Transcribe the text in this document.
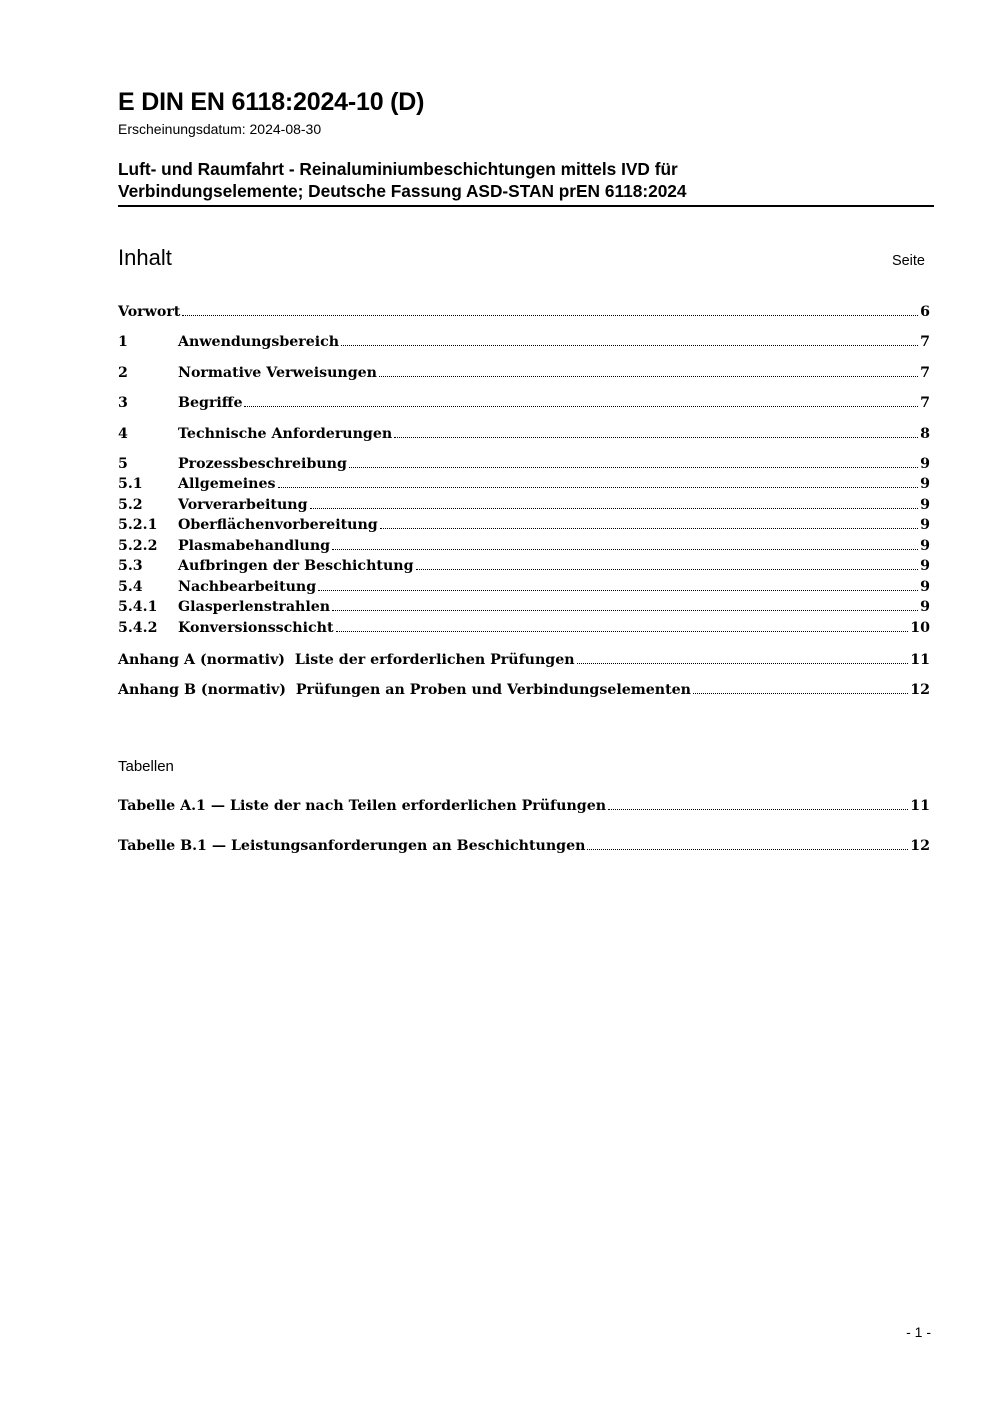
E DIN EN 6118:2024-10 (D)
Erscheinungsdatum: 2024-08-30
Luft- und Raumfahrt - Reinaluminiumbeschichtungen mittels IVD für
Verbindungselemente; Deutsche Fassung ASD-STAN prEN 6118:2024
Inhalt	Seite
Vorwort	6
1	Anwendungsbereich	7
2	Normative Verweisungen	7
3	Begriffe	7
4	Technische Anforderungen	8
5	Prozessbeschreibung	9
5.1	Allgemeines	9
5.2	Vorverarbeitung	9
5.2.1	Oberflächenvorbereitung	9
5.2.2	Plasmabehandlung	9
5.3	Aufbringen der Beschichtung	9
5.4	Nachbearbeitung	9
5.4.1	Glasperlenstrahlen	9
5.4.2	Konversionsschicht	10
Anhang A (normativ)  Liste der erforderlichen Prüfungen	11
Anhang B (normativ)  Prüfungen an Proben und Verbindungselementen	12
Tabellen
Tabelle A.1 — Liste der nach Teilen erforderlichen Prüfungen	11
Tabelle B.1 — Leistungsanforderungen an Beschichtungen	12
- 1 -
